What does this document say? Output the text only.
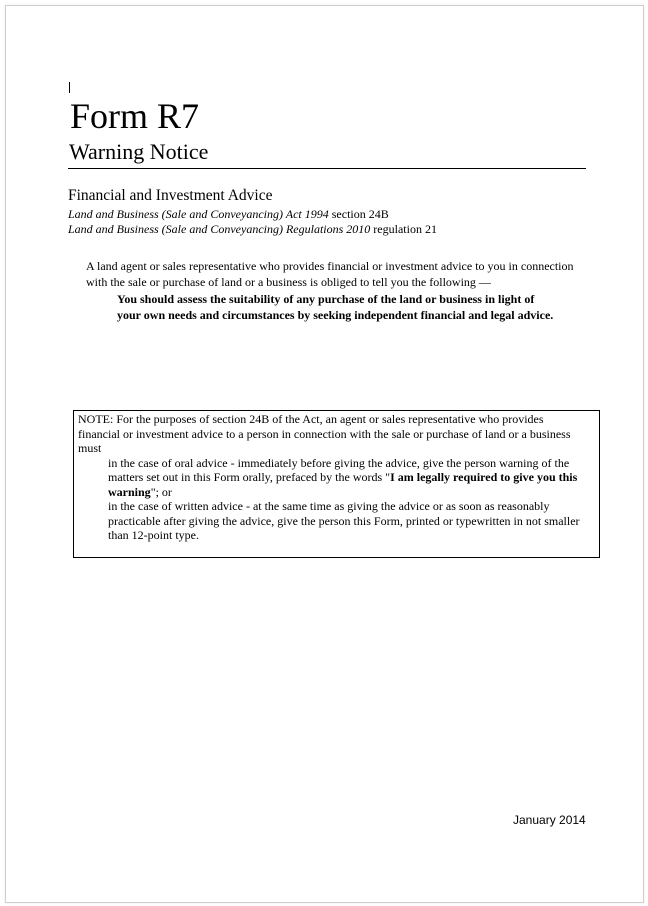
Form R7
Warning Notice
Financial and Investment Advice
Land and Business (Sale and Conveyancing) Act 1994 section 24B
Land and Business (Sale and Conveyancing) Regulations 2010 regulation 21
A land agent or sales representative who provides financial or investment advice to you in connection
with the sale or purchase of land or a business is obliged to tell you the following —
You should assess the suitability of any purchase of the land or business in light of
your own needs and circumstances by seeking independent financial and legal advice.
NOTE: For the purposes of section 24B of the Act, an agent or sales representative who provides
financial or investment advice to a person in connection with the sale or purchase of land or a business
must
in the case of oral advice - immediately before giving the advice, give the person warning of the
matters set out in this Form orally, prefaced by the words "I am legally required to give you this
warning"; or
in the case of written advice - at the same time as giving the advice or as soon as reasonably
practicable after giving the advice, give the person this Form, printed or typewritten in not smaller
than 12-point type.
January 2014
